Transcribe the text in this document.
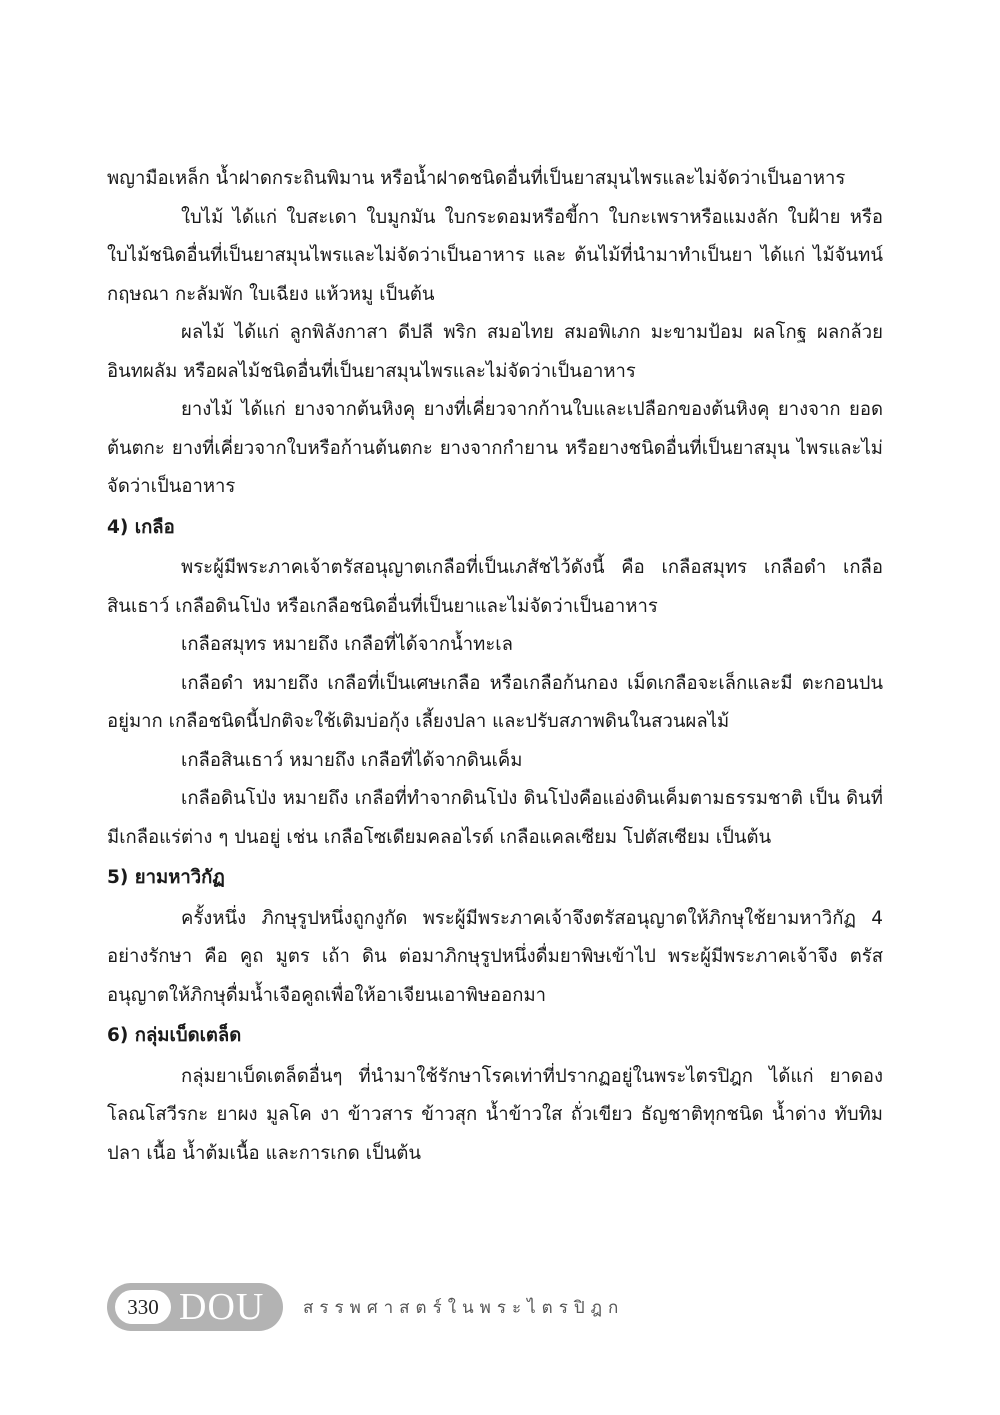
พญามือเหล็ก น้ำฝาดกระถินพิมาน หรือน้ำฝาดชนิดอื่นที่เป็นยาสมุนไพรและไม่จัดว่าเป็นอาหาร

ใบไม้ ได้แก่ ใบสะเดา ใบมูกมัน ใบกระดอมหรือขี้กา ใบกะเพราหรือแมงลัก ใบฝ้าย หรือใบไม้ชนิดอื่นที่เป็นยาสมุนไพรและไม่จัดว่าเป็นอาหาร และ ต้นไม้ที่นำมาทำเป็นยา ได้แก่ ไม้จันทน์ กฤษณา กะลัมพัก ใบเฉียง แห้วหมู เป็นต้น

ผลไม้ ได้แก่ ลูกพิลังกาสา ดีปลี พริก สมอไทย สมอพิเภก มะขามป้อม ผลโกฐ ผลกล้วย อินทผลัม หรือผลไม้ชนิดอื่นที่เป็นยาสมุนไพรและไม่จัดว่าเป็นอาหาร

ยางไม้ ได้แก่ ยางจากต้นหิงคุ ยางที่เคี่ยวจากก้านใบและเปลือกของต้นหิงคุ ยางจาก ยอดต้นตกะ ยางที่เคี่ยวจากใบหรือก้านต้นตกะ ยางจากกำยาน หรือยางชนิดอื่นที่เป็นยาสมุน ไพรและไม่จัดว่าเป็นอาหาร

4) เกลือ

พระผู้มีพระภาคเจ้าตรัสอนุญาตเกลือที่เป็นเภสัชไว้ดังนี้ คือ เกลือสมุทร เกลือดำ เกลือ สินเธาว์ เกลือดินโป่ง หรือเกลือชนิดอื่นที่เป็นยาและไม่จัดว่าเป็นอาหาร

เกลือสมุทร หมายถึง เกลือที่ได้จากน้ำทะเล

เกลือดำ หมายถึง เกลือที่เป็นเศษเกลือ หรือเกลือก้นกอง เม็ดเกลือจะเล็กและมี ตะกอนปนอยู่มาก เกลือชนิดนี้ปกติจะใช้เติมบ่อกุ้ง เลี้ยงปลา และปรับสภาพดินในสวนผลไม้

เกลือสินเธาว์ หมายถึง เกลือที่ได้จากดินเค็ม

เกลือดินโป่ง หมายถึง เกลือที่ทำจากดินโป่ง ดินโป่งคือแอ่งดินเค็มตามธรรมชาติ เป็น ดินที่มีเกลือแร่ต่าง ๆ ปนอยู่ เช่น เกลือโซเดียมคลอไรด์ เกลือแคลเซียม โปตัสเซียม เป็นต้น

5) ยามหาวิกัฏ

ครั้งหนึ่ง ภิกษุรูปหนึ่งถูกงูกัด พระผู้มีพระภาคเจ้าจึงตรัสอนุญาตให้ภิกษุใช้ยามหาวิกัฏ 4 อย่างรักษา คือ คูถ มูตร เถ้า ดิน ต่อมาภิกษุรูปหนึ่งดื่มยาพิษเข้าไป พระผู้มีพระภาคเจ้าจึง ตรัสอนุญาตให้ภิกษุดื่มน้ำเจือคูถเพื่อให้อาเจียนเอาพิษออกมา

6) กลุ่มเบ็ดเตล็ด

กลุ่มยาเบ็ดเตล็ดอื่นๆ ที่นำมาใช้รักษาโรคเท่าที่ปรากฏอยู่ในพระไตรปิฎก ได้แก่ ยาดองโลณโสวีรกะ ยาผง มูลโค งา ข้าวสาร ข้าวสุก น้ำข้าวใส ถั่วเขียว ธัญชาติทุกชนิด น้ำด่าง ทับทิม ปลา เนื้อ น้ำต้มเนื้อ และการเกด เป็นต้น

330 DOU สรรพศาสตร์ในพระไตรปิฎก
